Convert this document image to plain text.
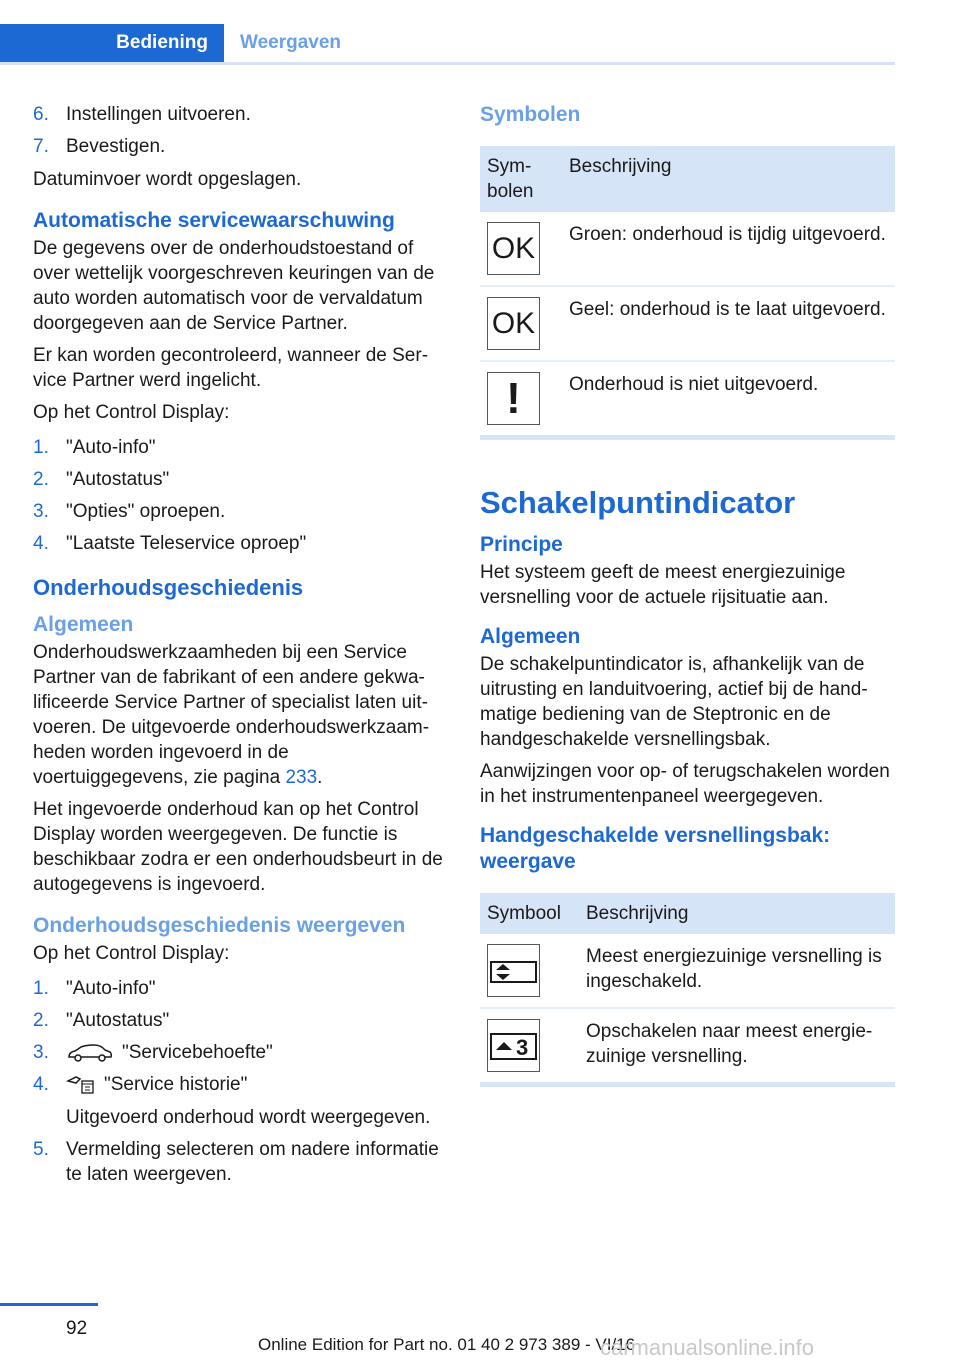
Bediening	Weergaven
6. Instellingen uitvoeren.
7. Bevestigen.

Datuminvoer wordt opgeslagen.

Automatische servicewaarschuwing

De gegevens over de onderhoudstoestand of over wettelijk voorgeschreven keuringen van de auto worden automatisch voor de vervaldatum doorgegeven aan de Service Partner.

Er kan worden gecontroleerd, wanneer de Service Partner werd ingelicht.

Op het Control Display:

1. "Auto-info"
2. "Autostatus"
3. "Opties" oproepen.
4. "Laatste Teleservice oproep"
Onderhoudsgeschiedenis
Algemeen

Onderhoudswerkzaamheden bij een Service Partner van de fabrikant of een andere gekwalificeerde Service Partner of specialist laten uitvoeren. De uitgevoerde onderhoudswerkzaamheden worden ingevoerd in de voertuiggegevens, zie pagina 233.

Het ingevoerde onderhoud kan op het Control Display worden weergegeven. De functie is beschikbaar zodra er een onderhoudsbeurt in de autogegevens is ingevoerd.

Onderhoudsgeschiedenis weergeven

Op het Control Display:

1. "Auto-info"
2. "Autostatus"
3.	"Servicebehoefte"
4.	"Service historie"

Uitgevoerd onderhoud wordt weergegeven.

5. Vermelding selecteren om nadere informatie te laten weergeven.
Symbolen
Symbolen	Beschrijving

OK	Groen: onderhoud is tijdig uitgevoerd.

OK	Geel: onderhoud is te laat uitgevoerd.

!	Onderhoud is niet uitgevoerd.
Schakelpuntindicator
Principe

Het systeem geeft de meest energiezuinige versnelling voor de actuele rijsituatie aan.

Algemeen

De schakelpuntindicator is, afhankelijk van de uitrusting en landuitvoering, actief bij de handmatige bediening van de Steptronic en de handgeschakelde versnellingsbak.

Aanwijzingen voor op- of terugschakelen worden in het instrumentenpaneel weergegeven.

Handgeschakelde versnellingsbak: weergave
Symbool	Beschrijving

	Meest energiezuinige versnelling is ingeschakeld.

3	Opschakelen naar meest energiezuinige versnelling.
92
Online Edition for Part no. 01 40 2 973 389 - VI/16
carmanualsonline.info
